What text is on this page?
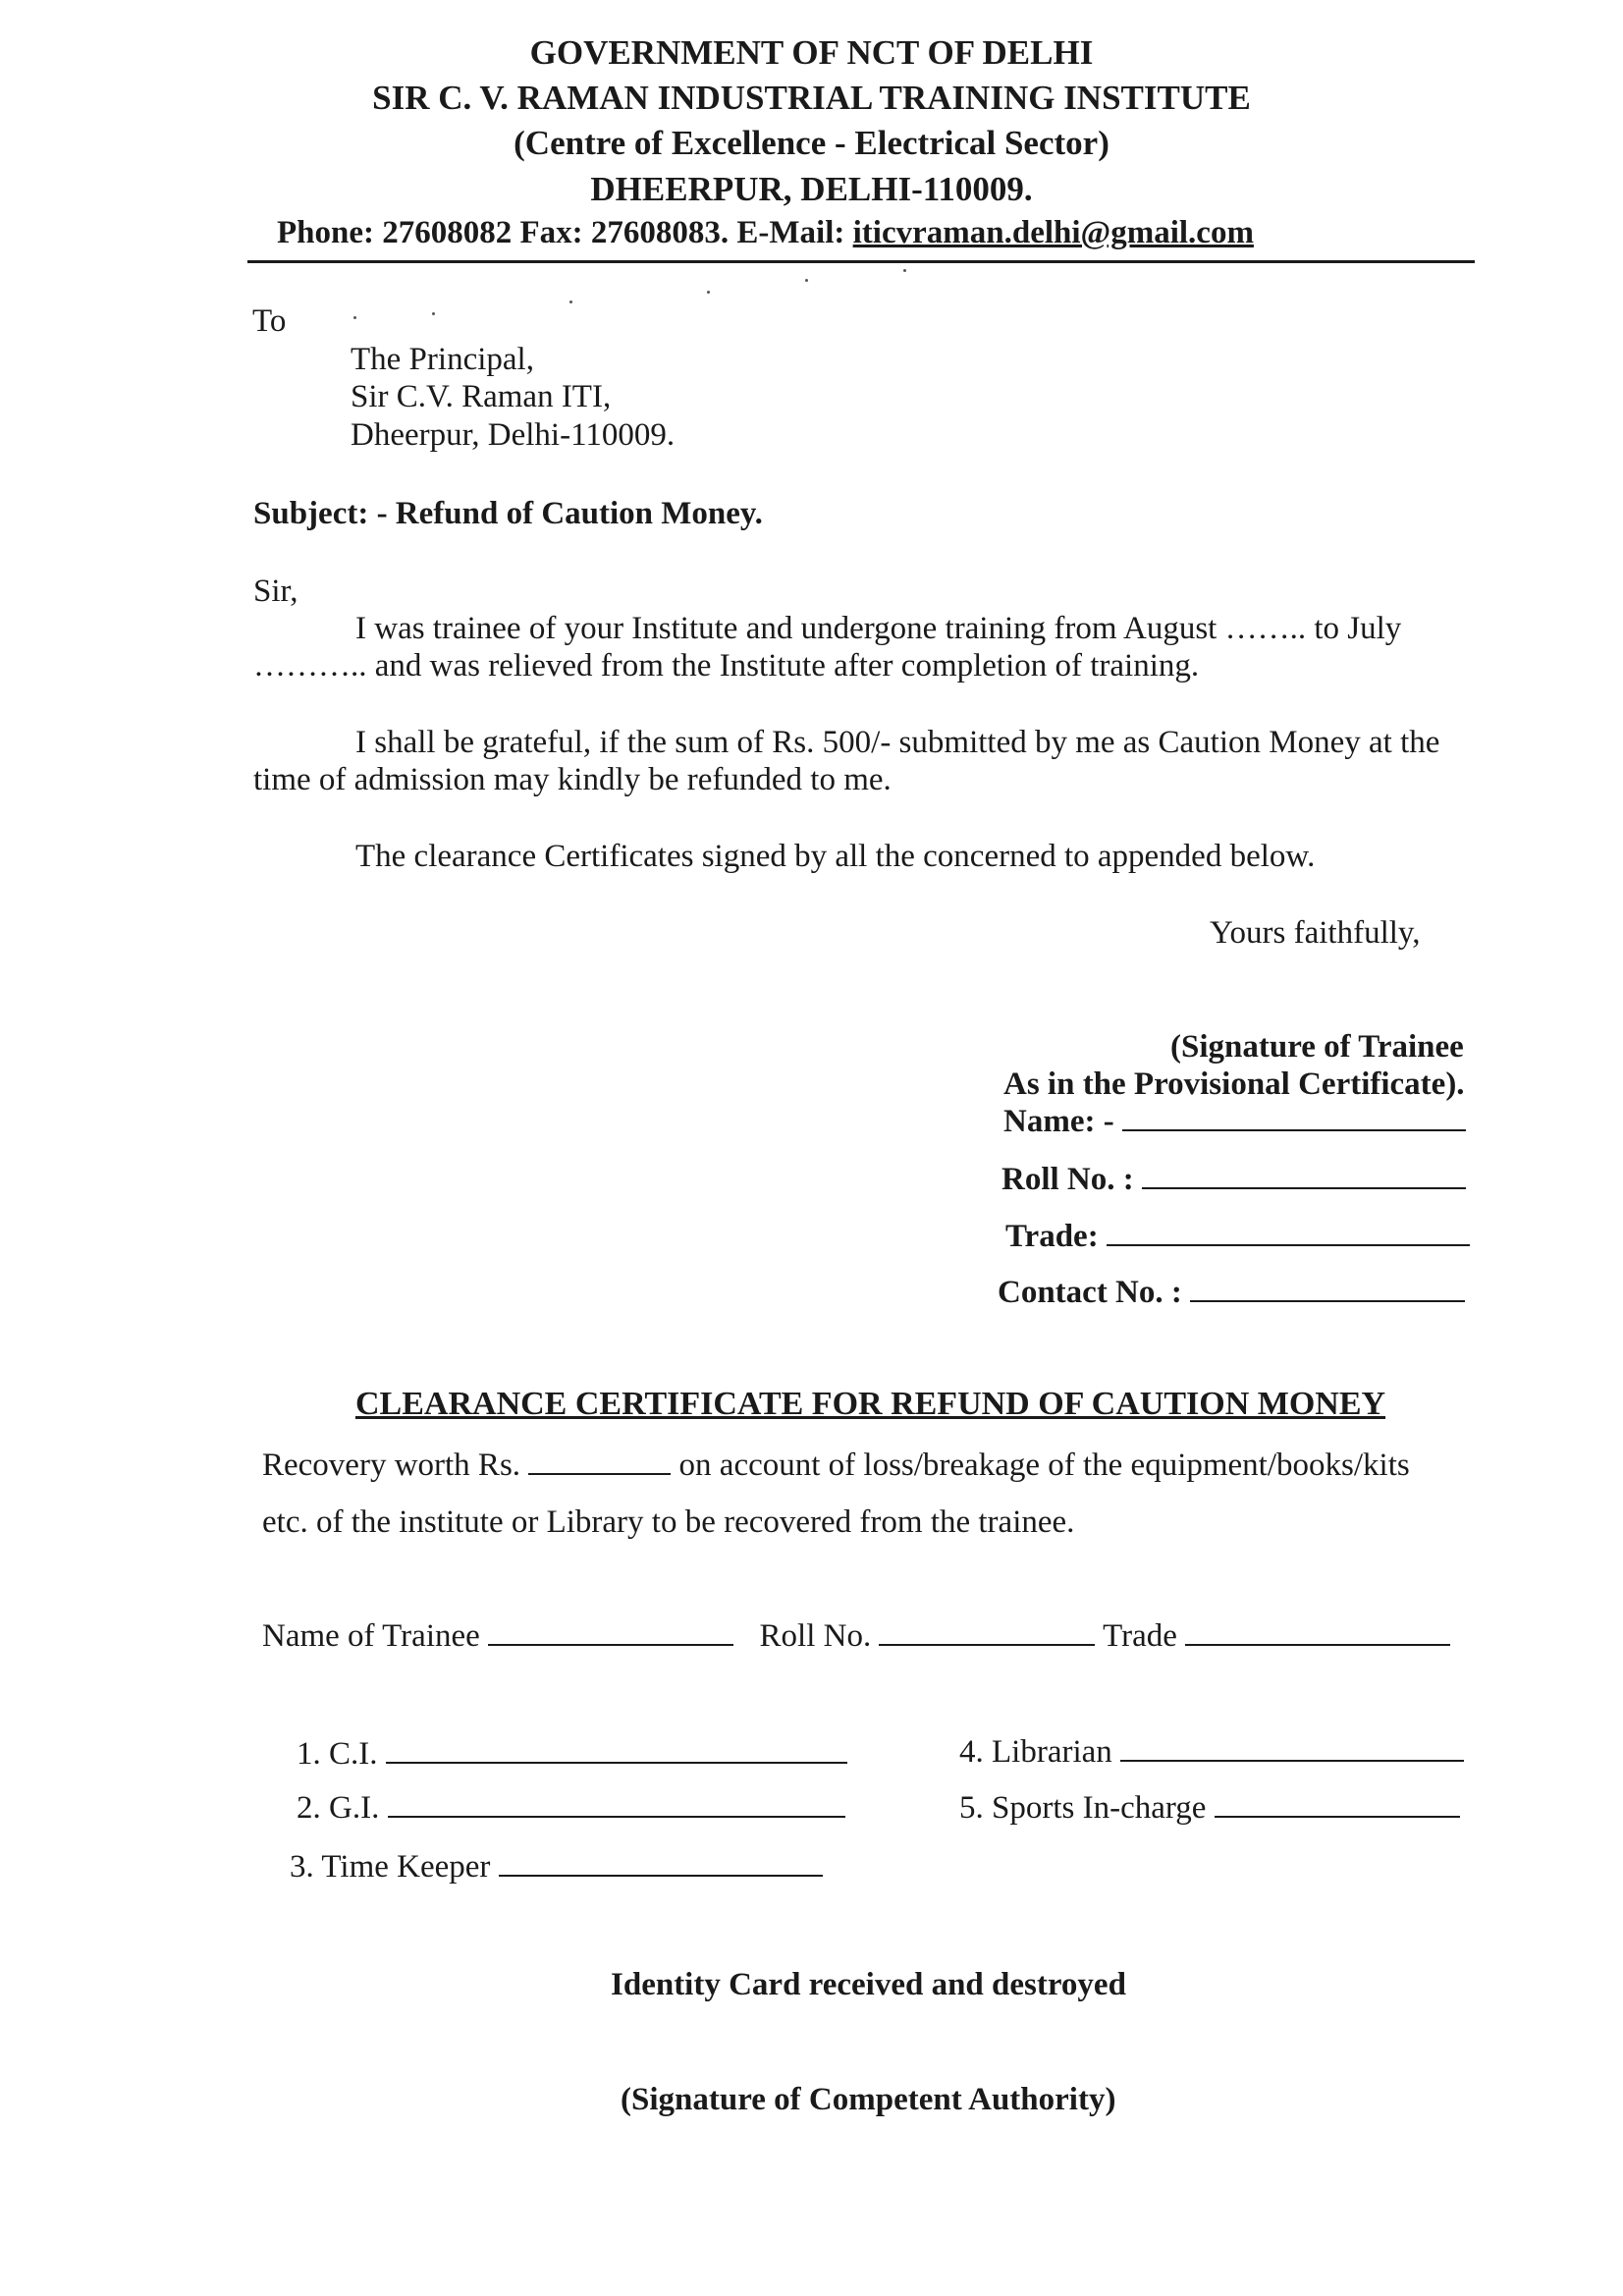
GOVERNMENT OF NCT OF DELHI
SIR C. V. RAMAN INDUSTRIAL TRAINING INSTITUTE
(Centre of Excellence - Electrical Sector)
DHEERPUR, DELHI-110009.
Phone: 27608082 Fax: 27608083. E-Mail: iticvraman.delhi@gmail.com
To
The Principal,
Sir C.V. Raman ITI,
Dheerpur, Delhi-110009.
Subject: - Refund of Caution Money.
Sir,
I was trainee of your Institute and undergone training from August …….. to July
……….. and was relieved from the Institute after completion of training.
I shall be grateful, if the sum of Rs. 500/- submitted by me as Caution Money at the
time of admission may kindly be refunded to me.
The clearance Certificates signed by all the concerned to appended below.
Yours faithfully,
(Signature of Trainee
As in the Provisional Certificate).
Name: -
Roll No. :
Trade:
Contact No. :
CLEARANCE CERTIFICATE FOR REFUND OF CAUTION MONEY
Recovery worth Rs.	on account of loss/breakage of the equipment/books/kits
etc. of the institute or Library to be recovered from the trainee.
Name of Trainee	Roll No.	Trade
1. C.I.
2. G.I.
3. Time Keeper
4. Librarian
5. Sports In-charge
Identity Card received and destroyed
(Signature of Competent Authority)
